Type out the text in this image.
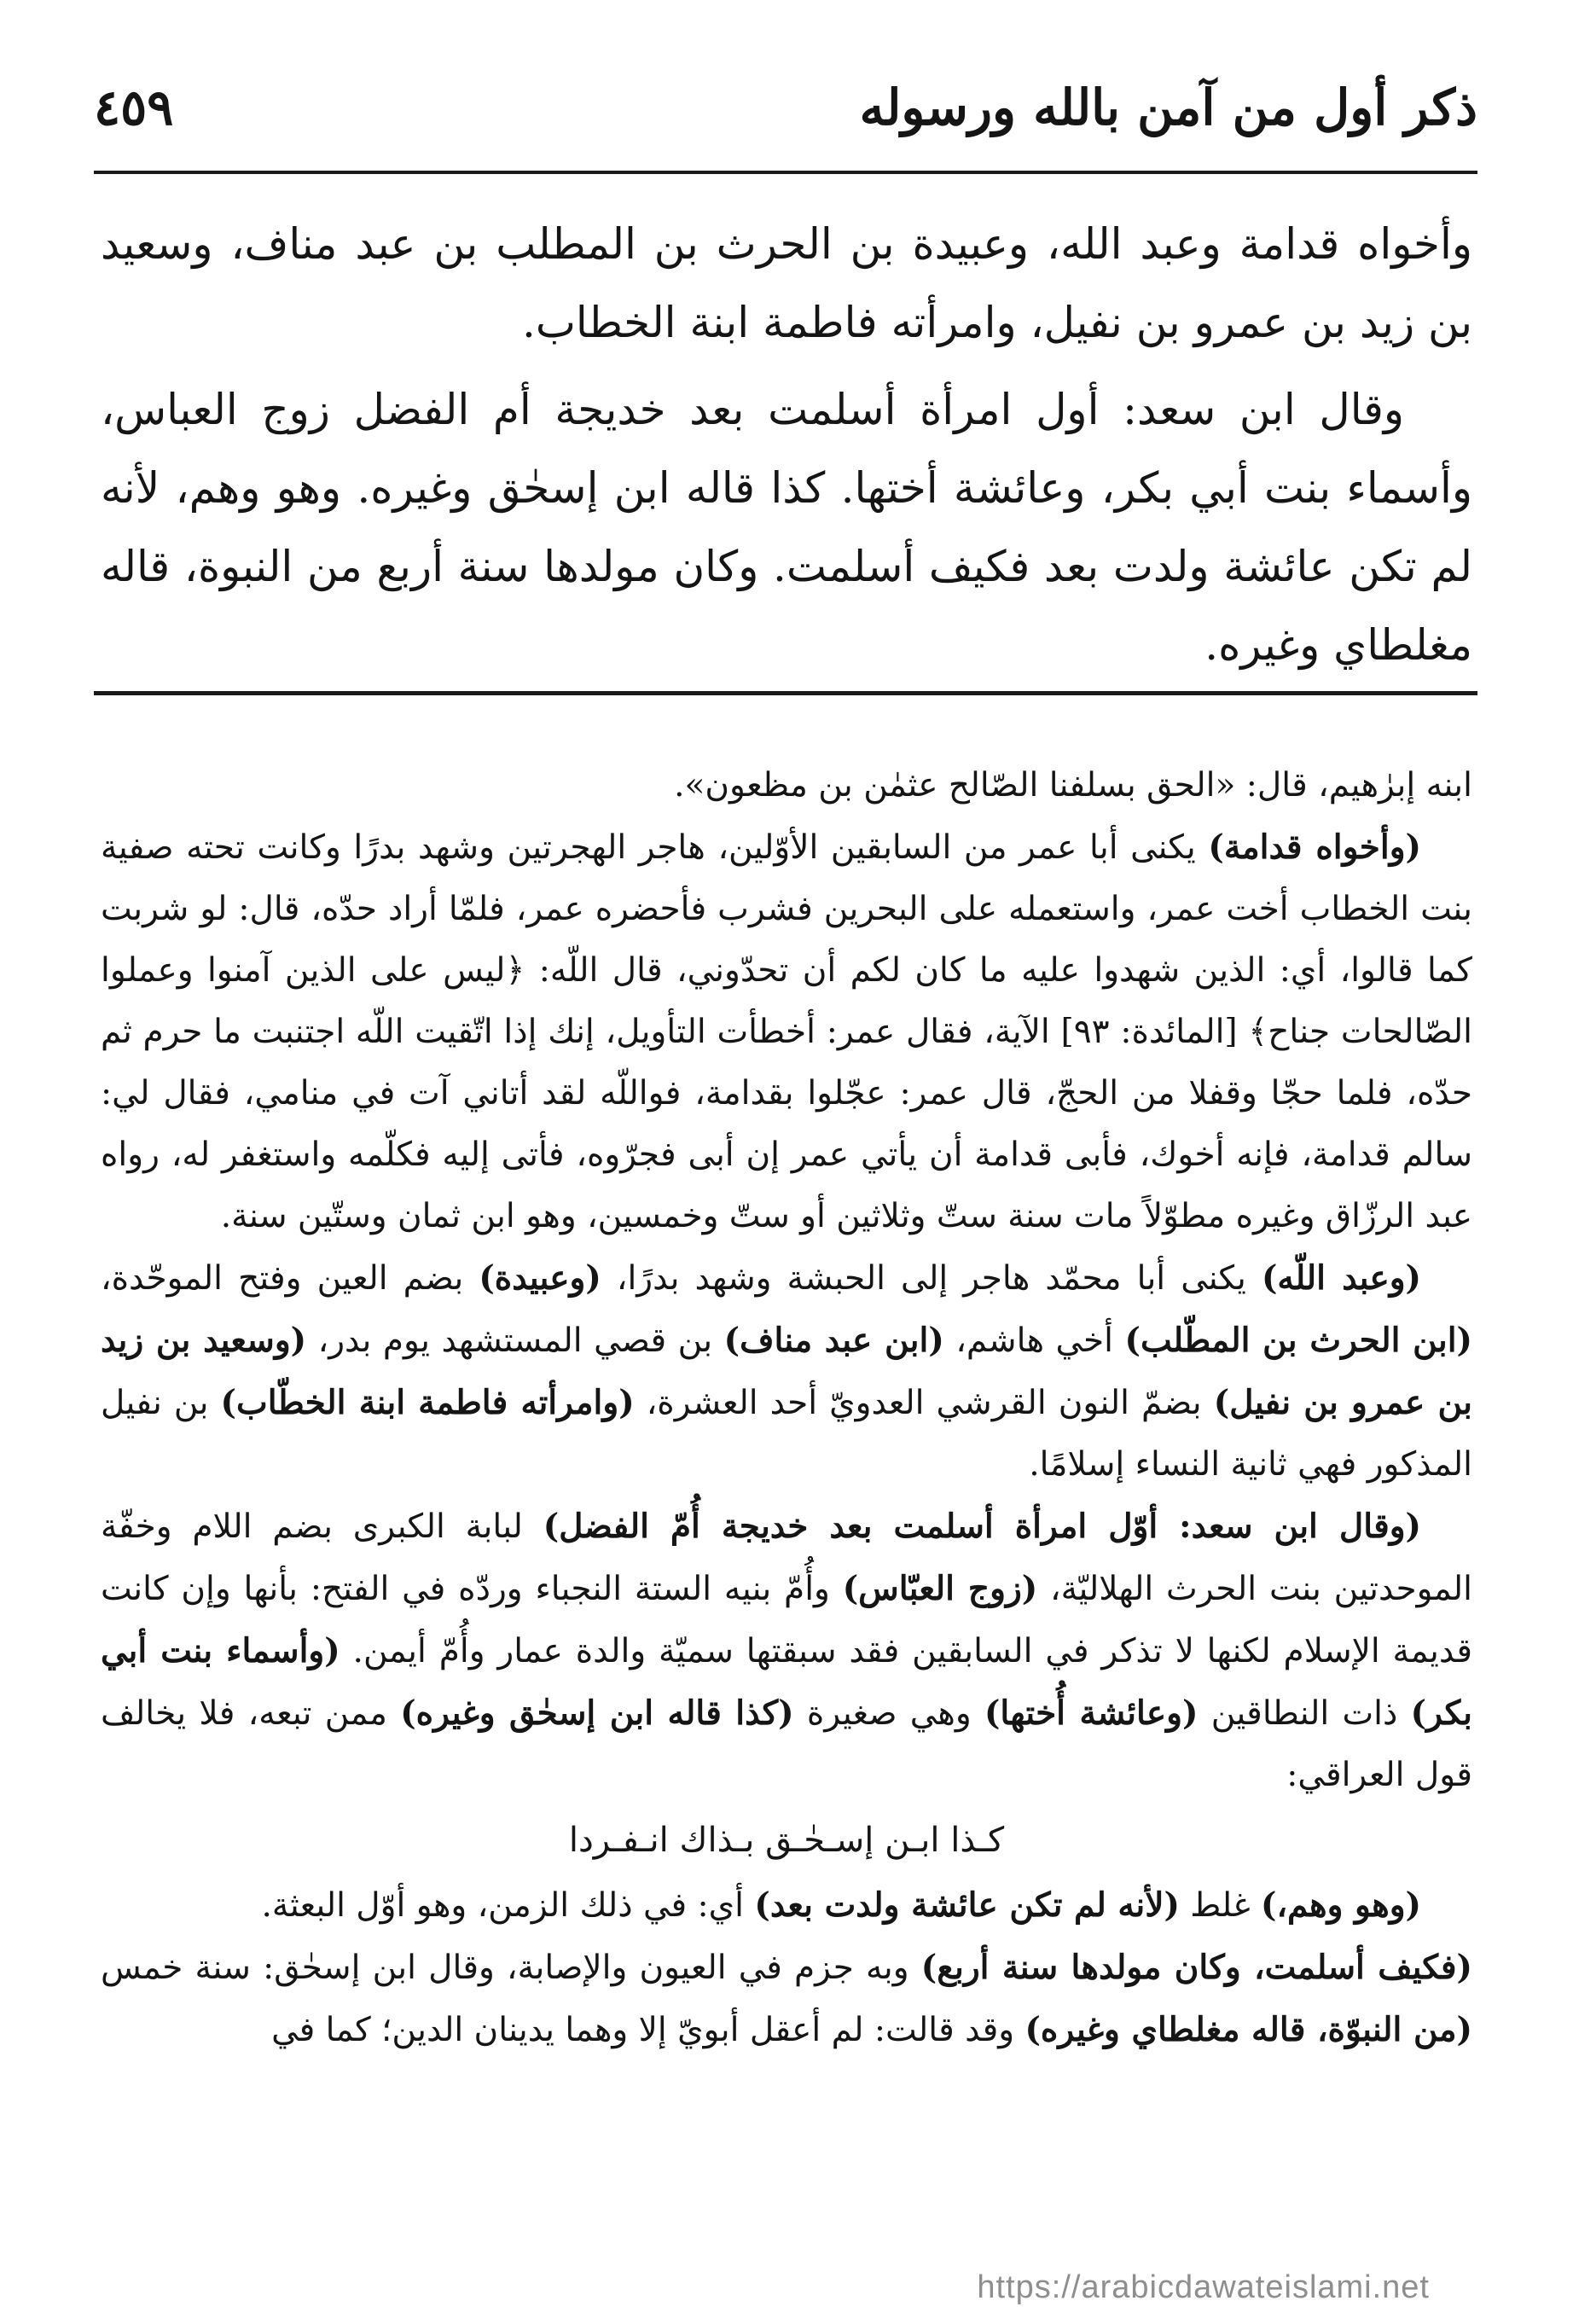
ذكر أول من آمن بالله ورسوله
٤٥٩

وأخواه قدامة وعبد الله، وعبيدة بن الحرث بن المطلب بن عبد مناف، وسعيد بن زيد بن عمرو بن نفيل، وامرأته فاطمة ابنة الخطاب.

وقال ابن سعد: أول امرأة أسلمت بعد خديجة أم الفضل زوج العباس، وأسماء بنت أبي بكر، وعائشة أختها. كذا قاله ابن إسحٰق وغيره. وهو وهم، لأنه لم تكن عائشة ولدت بعد فكيف أسلمت. وكان مولدها سنة أربع من النبوة، قاله مغلطاي وغيره.

ابنه إبرٰهيم، قال: «الحق بسلفنا الصّالح عثمٰن بن مظعون».

(وأخواه قدامة) يكنى أبا عمر من السابقين الأوّلين، هاجر الهجرتين وشهد بدرًا وكانت تحته صفية بنت الخطاب أخت عمر، واستعمله على البحرين فشرب فأحضره عمر، فلمّا أراد حدّه، قال: لو شربت كما قالوا، أي: الذين شهدوا عليه ما كان لكم أن تحدّوني، قال اللّه: ﴿ليس على الذين آمنوا وعملوا الصّالحات جناح﴾ [المائدة: ٩٣] الآية، فقال عمر: أخطأت التأويل، إنك إذا اتّقيت اللّه اجتنبت ما حرم ثم حدّه، فلما حجّا وقفلا من الحجّ، قال عمر: عجّلوا بقدامة، فواللّه لقد أتاني آت في منامي، فقال لي: سالم قدامة، فإنه أخوك، فأبى قدامة أن يأتي عمر إن أبى فجرّوه، فأتى إليه فكلّمه واستغفر له، رواه عبد الرزّاق وغيره مطوّلاً مات سنة ستّ وثلاثين أو ستّ وخمسين، وهو ابن ثمان وستّين سنة.

(وعبد اللّه) يكنى أبا محمّد هاجر إلى الحبشة وشهد بدرًا، (وعبيدة) بضم العين وفتح الموحّدة، (ابن الحرث بن المطّلب) أخي هاشم، (ابن عبد مناف) بن قصي المستشهد يوم بدر، (وسعيد بن زيد بن عمرو بن نفيل) بضمّ النون القرشي العدويّ أحد العشرة، (وامرأته فاطمة ابنة الخطّاب) بن نفيل المذكور فهي ثانية النساء إسلامًا.

(وقال ابن سعد: أوّل امرأة أسلمت بعد خديجة أُمّ الفضل) لبابة الكبرى بضم اللام وخفّة الموحدتين بنت الحرث الهلاليّة، (زوج العبّاس) وأُمّ بنيه الستة النجباء وردّه في الفتح: بأنها وإن كانت قديمة الإسلام لكنها لا تذكر في السابقين فقد سبقتها سميّة والدة عمار وأُمّ أيمن. (وأسماء بنت أبي بكر) ذات النطاقين (وعائشة أُختها) وهي صغيرة (كذا قاله ابن إسحٰق وغيره) ممن تبعه، فلا يخالف قول العراقي:

كـذا ابـن إسـحٰـق بـذاك انـفـردا

(وهو وهم،) غلط (لأنه لم تكن عائشة ولدت بعد) أي: في ذلك الزمن، وهو أوّل البعثة.

(فكيف أسلمت، وكان مولدها سنة أربع) وبه جزم في العيون والإصابة، وقال ابن إسحٰق: سنة خمس (من النبوّة، قاله مغلطاي وغيره) وقد قالت: لم أعقل أبويّ إلا وهما يدينان الدين؛ كما في

https://arabicdawateislami.net
